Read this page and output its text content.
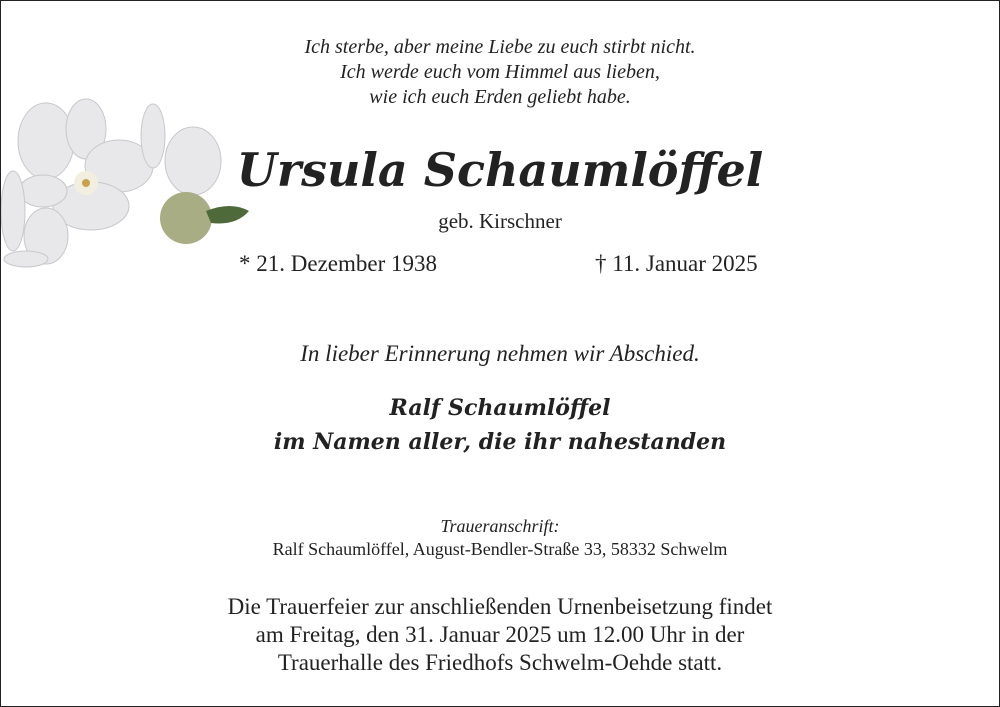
Ich sterbe, aber meine Liebe zu euch stirbt nicht.
Ich werde euch vom Himmel aus lieben,
wie ich euch Erden geliebt habe.
Ursula Schaumlöffel
geb. Kirschner
* 21. Dezember 1938	† 11. Januar 2025
In lieber Erinnerung nehmen wir Abschied.
Ralf Schaumlöffel
im Namen aller, die ihr nahestanden
Traueranschrift:
Ralf Schaumlöffel, August-Bendler-Straße 33, 58332 Schwelm
Die Trauerfeier zur anschließenden Urnenbeisetzung findet
am Freitag, den 31. Januar 2025 um 12.00 Uhr in der
Trauerhalle des Friedhofs Schwelm-Oehde statt.
